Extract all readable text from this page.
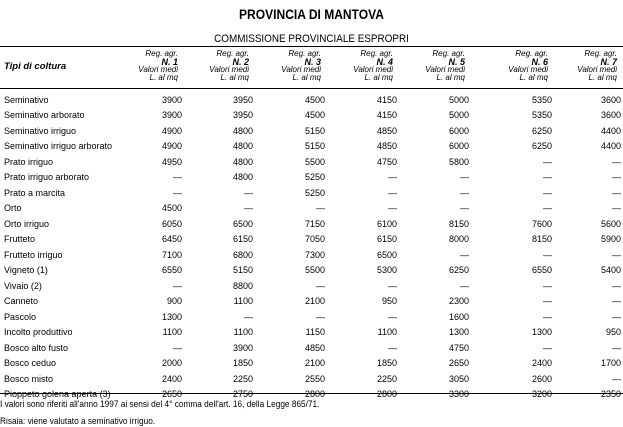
PROVINCIA DI MANTOVA
COMMISSIONE PROVINCIALE ESPROPRI
Tipi di coltura
Reg. agr.
N. 1
Valori medi
L. al mq
Reg. agr.
N. 2
Valori medi
L. al mq
Reg. agr.
N. 3
Valori medi
L. al mq
Reg. agr.
N. 4
Valori medi
L. al mq
Reg. agr.
N. 5
Valori medi
L. al mq
Reg. agr.
N. 6
Valori medi
L. al mq
Reg. agr.
N. 7
Valori medi
L. al mq
Seminativo	3900	3950	4500	4150	5000	5350	3600
Seminativo arborato	3900	3950	4500	4150	5000	5350	3600
Seminativo irriguo	4900	4800	5150	4850	6000	6250	4400
Seminativo irriguo arborato	4900	4800	5150	4850	6000	6250	4400
Prato irriguo	4950	4800	5500	4750	5800	—	—
Prato irriguo arborato	—	4800	5250	—	—	—	—
Prato a marcita	—	—	5250	—	—	—	—
Orto	4500	—	—	—	—	—	—
Orto irriguo	6050	6500	7150	6100	8150	7600	5600
Frutteto	6450	6150	7050	6150	8000	8150	5900
Frutteto irriguo	7100	6800	7300	6500	—	—	—
Vigneto (1)	6550	5150	5500	5300	6250	6550	5400
Vivaio (2)	—	8800	—	—	—	—	—
Canneto	900	1100	2100	950	2300	—	—
Pascolo	1300	—	—	—	1600	—	—
Incolto produttivo	1100	1100	1150	1100	1300	1300	950
Bosco alto fusto	—	3900	4850	—	4750	—	—
Bosco ceduo	2000	1850	2100	1850	2650	2400	1700
Bosco misto	2400	2250	2550	2250	3050	2600	—
Pioppeto golena aperta (3)	2650	2750	2800	2800	3300	3200	2350
I valori sono riferiti all'anno 1997 ai sensi del 4° comma dell'art. 16, della Legge 865/71.
Risaia: viene valutato a seminativo irriguo.
